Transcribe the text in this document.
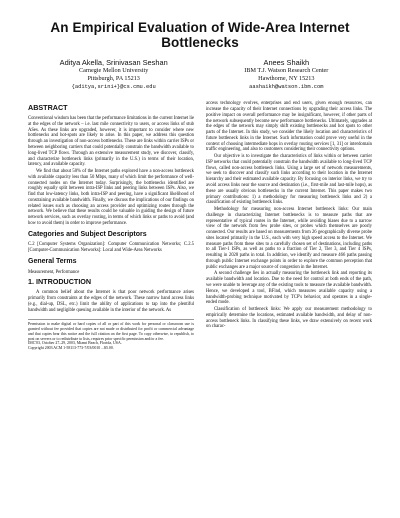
An Empirical Evaluation of Wide-Area Internet Bottlenecks
Aditya Akella, Srinivasan Seshan
Carnegie Mellon University
Pittsburgh, PA 15213
{aditya,srini+}@cs.cmu.edu
Anees Shaikh
IBM T.J. Watson Research Center
Hawthorne, NY 15213
aashaikh@watson.ibm.com
ABSTRACT

Conventional wisdom has been that the performance limitations in the current Internet lie at the edges of the network – i.e. last mile connectivity to users, or access links of stub ASes. As these links are upgraded, however, it is important to consider where new bottlenecks and hot-spots are likely to arise. In this paper, we address this question through an investigation of non-access bottlenecks. These are links within carrier ISPs or between neighboring carriers that could potentially constrain the bandwidth available to long-lived TCP flows. Through an extensive measurement study, we discover, classify, and characterize bottleneck links (primarily in the U.S.) in terms of their location, latency, and available capacity.

We find that about 50% of the Internet paths explored have a non-access bottleneck with available capacity less than 50 Mbps, many of which limit the performance of well-connected nodes on the Internet today. Surprisingly, the bottlenecks identified are roughly equally split between intra-ISP links and peering links between ISPs. Also, we find that low-latency links, both intra-ISP and peering, have a significant likelihood of constraining available bandwidth. Finally, we discuss the implications of our findings on related issues such as choosing an access provider and optimizing routes through the network. We believe that these results could be valuable in guiding the design of future network services, such as overlay routing, in terms of which links or paths to avoid (and how to avoid them) in order to improve performance.

Categories and Subject Descriptors

C.2 [Computer Systems Organization]: Computer Communication Networks; C.2.5 [Computer-Communication Networks]: Local and Wide-Area Networks

General Terms

Measurement, Performance

1. INTRODUCTION

A common belief about the Internet is that poor network performance arises primarily from constraints at the edges of the network. These narrow band access links (e.g., dial-up, DSL, etc.) limit the ability of applications to tap into the plentiful bandwidth and negligible queuing available in the interior of the network. As

Permission to make digital or hard copies of all or part of this work for personal or classroom use is granted without fee provided that copies are not made or distributed for profit or commercial advantage and that copies bear this notice and the full citation on the first page. To copy otherwise, to republish, to post on servers or to redistribute to lists, requires prior specific permission and/or a fee.
IMC'03, October 27–29, 2003, Miami Beach, Florida, USA.
Copyright 2003 ACM 1-58113-773-7/03/0010 ...$5.00.

access technology evolves, enterprises and end users, given enough resources, can increase the capacity of their Internet connections by upgrading their access links. The positive impact on overall performance may be insignificant, however, if other parts of the network subsequently become new performance bottlenecks. Ultimately, upgrades at the edges of the network may simply shift existing bottlenecks and hot spots to other parts of the Internet. In this study, we consider the likely location and characteristics of future bottleneck links in the Internet. Such information could prove very useful in the context of choosing intermediate hops in overlay routing services [1, 31] or interdomain traffic engineering, and also to customers considering their connectivity options.

Our objective is to investigate the characteristics of links within or between carrier ISP networks that could potentially constrain the bandwidth available to long-lived TCP flows, called non-access bottleneck links. Using a large set of network measurements, we seek to discover and classify such links according to their location in the Internet hierarchy and their estimated available capacity. By focusing on interior links, we try to avoid access links near the source and destination (i.e., first-mile and last-mile hops), as these are usually obvious bottlenecks in the current Internet. This paper makes two primary contributions: 1) a methodology for measuring bottleneck links and 2) a classification of existing bottleneck links.

Methodology for measuring non-access Internet bottleneck links: Our main challenge in characterizing Internet bottlenecks is to measure paths that are representative of typical routes in the Internet, while avoiding biases due to a narrow view of the network from few probe sites, or probes which themselves are poorly connected. Our results are based on measurements from 26 geographically diverse probe sites located primarily in the U.S., each with very high speed access to the Internet. We measure paths from these sites to a carefully chosen set of destinations, including paths to all Tier-1 ISPs, as well as paths to a fraction of Tier 2, Tier 3, and Tier 4 ISPs, resulting in 2028 paths in total. In addition, we identify and measure 466 paths passing through public Internet exchange points in order to explore the common perception that public exchanges are a major source of congestion in the Internet.

A second challenge lies in actually measuring the bottleneck link and reporting its available bandwidth and location. Due to the need for control at both ends of the path, we were unable to leverage any of the existing tools to measure the available bandwidth. Hence, we developed a tool, BFind, which measures available capacity using a bandwidth-probing technique motivated by TCP's behavior, and operates in a single-ended mode.

Classification of bottleneck links: We apply our measurement methodology to empirically determine the locations, estimated available bandwidth, and delay of non-access bottleneck links. In classifying these links, we draw extensively on recent work on charac-
